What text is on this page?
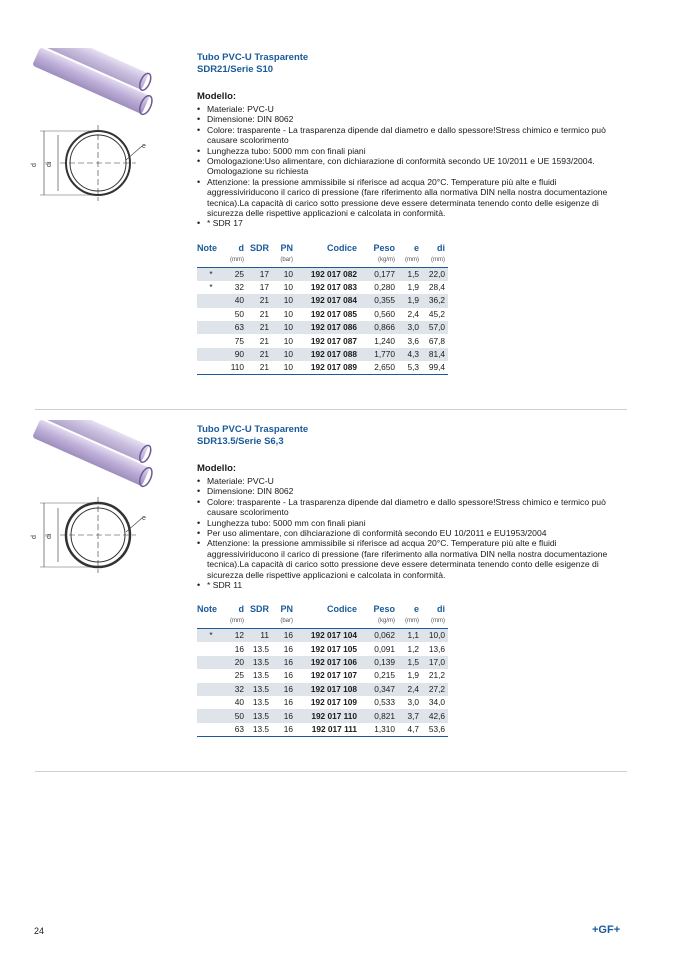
d di
e
Tubo PVC-U Trasparente
SDR21/Serie S10
Modello:
• Materiale: PVC-U
• Dimensione: DIN 8062
• Colore: trasparente - La trasparenza dipende dal diametro e dallo spessore!Stress chimico e termico può causare scolorimento
• Lunghezza tubo: 5000 mm con finali piani
• Omologazione:Uso alimentare, con dichiarazione di conformità secondo UE 10/2011 e UE 1593/2004. Omologazione su richiesta
• Attenzione: la pressione ammissibile si riferisce ad acqua 20°C. Temperature più alte e fluidi aggressiviriducono il carico di pressione (fare riferimento alla normativa DIN nella nostra documentazione tecnica).La capacità di carico sotto pressione deve essere determinata tenendo conto delle esigenze di sicurezza delle rispettive applicazioni e calcolata in conformità.
• * SDR 17
Note	d	SDR	PN	Codice	Peso	e	di
	(mm)		(bar)		(kg/m)	(mm)	(mm)
*	25	17	10	192 017 082	0,177	1,5	22,0
*	32	17	10	192 017 083	0,280	1,9	28,4
	40	21	10	192 017 084	0,355	1,9	36,2
	50	21	10	192 017 085	0,560	2,4	45,2
	63	21	10	192 017 086	0,866	3,0	57,0
	75	21	10	192 017 087	1,240	3,6	67,8
	90	21	10	192 017 088	1,770	4,3	81,4
	110	21	10	192 017 089	2,650	5,3	99,4
d di
e
Tubo PVC-U Trasparente
SDR13.5/Serie S6,3
Modello:
• Materiale: PVC-U
• Dimensione: DIN 8062
• Colore: trasparente - La trasparenza dipende dal diametro e dallo spessore!Stress chimico e termico può causare scolorimento
• Lunghezza tubo: 5000 mm con finali piani
• Per uso alimentare, con dihciarazione di conformità secondo EU 10/2011 e EU1953/2004
• Attenzione: la pressione ammissibile si riferisce ad acqua 20°C. Temperature più alte e fluidi aggressiviriducono il carico di pressione (fare riferimento alla normativa DIN nella nostra documentazione tecnica).La capacità di carico sotto pressione deve essere determinata tenendo conto delle esigenze di sicurezza delle rispettive applicazioni e calcolata in conformità.
• * SDR 11
Note	d	SDR	PN	Codice	Peso	e	di
	(mm)		(bar)		(kg/m)	(mm)	(mm)
*	12	11	16	192 017 104	0,062	1,1	10,0
	16	13.5	16	192 017 105	0,091	1,2	13,6
	20	13.5	16	192 017 106	0,139	1,5	17,0
	25	13.5	16	192 017 107	0,215	1,9	21,2
	32	13.5	16	192 017 108	0,347	2,4	27,2
	40	13.5	16	192 017 109	0,533	3,0	34,0
	50	13.5	16	192 017 110	0,821	3,7	42,6
	63	13.5	16	192 017 111	1,310	4,7	53,6
24	+GF+
